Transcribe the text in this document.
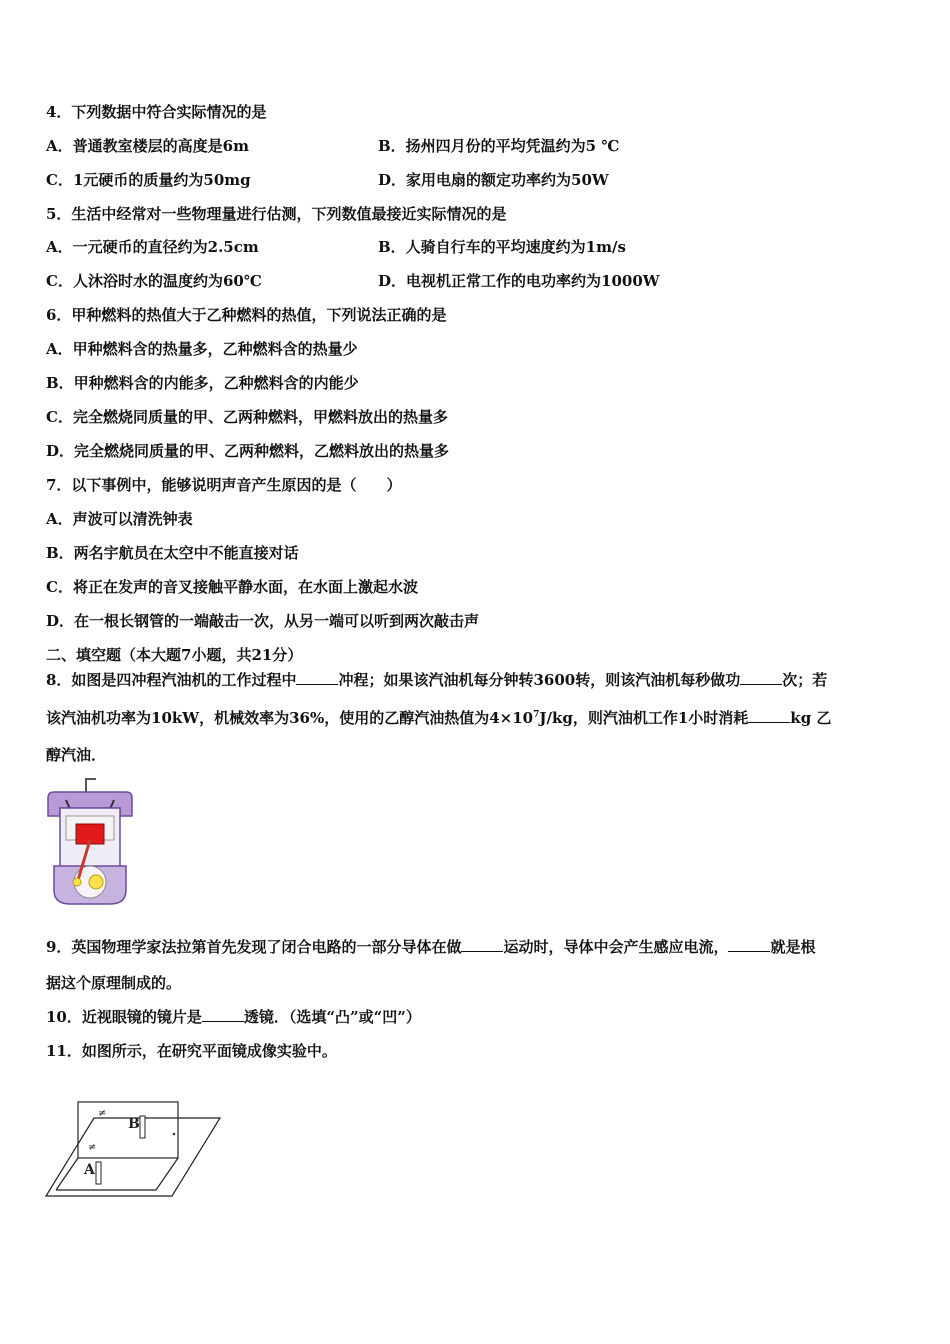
4．下列数据中符合实际情况的是
A．普通教室楼层的高度是6m	B．扬州四月份的平均凭温约为5 ℃
C．1元硬币的质量约为50mg	D．家用电扇的额定功率约为50W
5．生活中经常对一些物理量进行估测，下列数值最接近实际情况的是
A．一元硬币的直径约为2.5cm	B．人骑自行车的平均速度约为1m/s
C．人沐浴时水的温度约为60℃	D．电视机正常工作的电功率约为1000W
6．甲种燃料的热值大于乙种燃料的热值，下列说法正确的是
A．甲种燃料含的热量多，乙种燃料含的热量少
B．甲种燃料含的内能多，乙种燃料含的内能少
C．完全燃烧同质量的甲、乙两种燃料，甲燃料放出的热量多
D．完全燃烧同质量的甲、乙两种燃料，乙燃料放出的热量多
7．以下事例中，能够说明声音产生原因的是（　　）
A．声波可以清洗钟表
B．两名宇航员在太空中不能直接对话
C．将正在发声的音叉接触平静水面，在水面上激起水波
D．在一根长钢管的一端敲击一次，从另一端可以听到两次敲击声
二、填空题（本大题7小题，共21分）
8．如图是四冲程汽油机的工作过程中	冲程；如果该汽油机每分钟转3600转，则该汽油机每秒做功	次；若
该汽油机功率为10kW，机械效率为36%，使用的乙醇汽油热值为$4\times 10^7J/kg$，则汽油机工作1小时消耗	kg 乙
醇汽油．
9．英国物理学家法拉第首先发现了闭合电路的一部分导体在做	运动时，导体中会产生感应电流，	就是根
据这个原理制成的。
10．近视眼镜的镜片是	透镜．（选填“凸”或“凹”）
11．如图所示，在研究平面镜成像实验中。
≠
≠
B
A
